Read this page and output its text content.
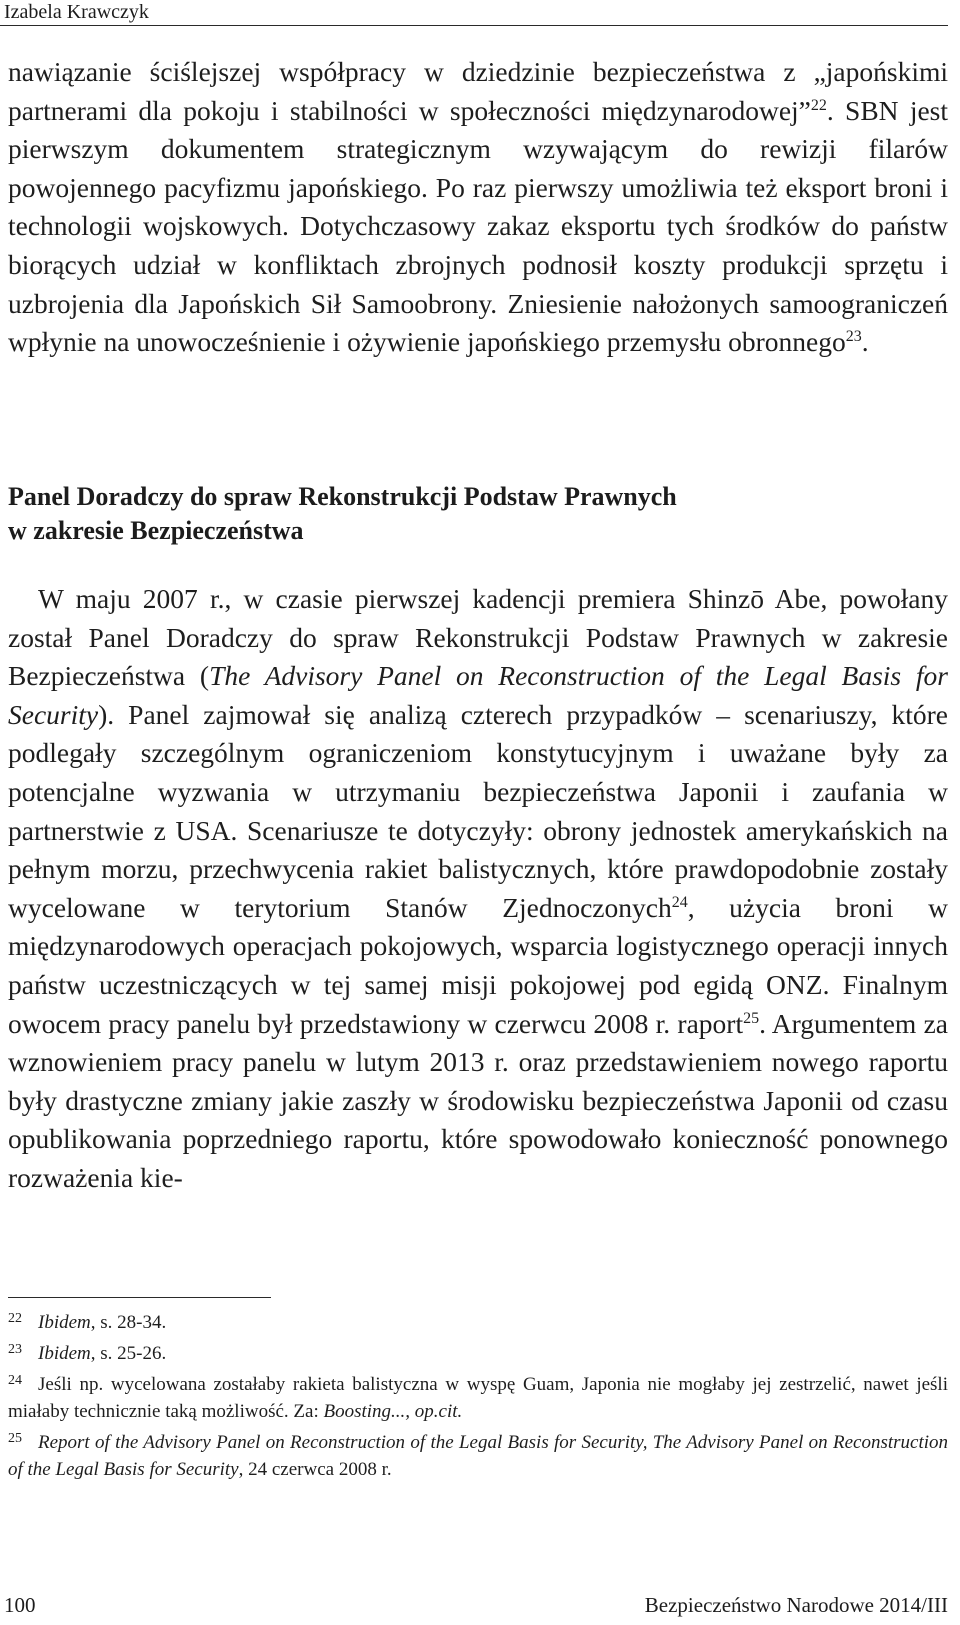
Izabela Krawczyk

nawiązanie ściślejszej współpracy w dziedzinie bezpieczeństwa z „japońskimi partnerami dla pokoju i stabilności w społeczności międzynarodowej”$^{22}$. SBN jest pierwszym dokumentem strategicznym wzywającym do rewizji filarów powojennego pacyfizmu japońskiego. Po raz pierwszy umożliwia też eksport broni i technologii wojskowych. Dotychczasowy zakaz eksportu tych środków do państw biorących udział w konfliktach zbrojnych podnosił koszty produkcji sprzętu i uzbrojenia dla Japońskich Sił Samoobrony. Zniesienie nałożonych samoograniczeń wpłynie na unowocześnienie i ożywienie japońskiego przemysłu obronnego$^{23}$.

Panel Doradczy do spraw Rekonstrukcji Podstaw Prawnych
w zakresie Bezpieczeństwa

W maju 2007 r., w czasie pierwszej kadencji premiera Shinzō Abe, powołany został Panel Doradczy do spraw Rekonstrukcji Podstaw Prawnych w zakresie Bezpieczeństwa (The Advisory Panel on Reconstruction of the Legal Basis for Security). Panel zajmował się analizą czterech przypadków – scenariuszy, które podlegały szczególnym ograniczeniom konstytucyjnym i uważane były za potencjalne wyzwania w utrzymaniu bezpieczeństwa Japonii i zaufania w partnerstwie z USA. Scenariusze te dotyczyły: obrony jednostek amerykańskich na pełnym morzu, przechwycenia rakiet balistycznych, które prawdopodobnie zostały wycelowane w terytorium Stanów Zjednoczonych$^{24}$, użycia broni w międzynarodowych operacjach pokojowych, wsparcia logistycznego operacji innych państw uczestniczących w tej samej misji pokojowej pod egidą ONZ. Finalnym owocem pracy panelu był przedstawiony w czerwcu 2008 r. raport$^{25}$. Argumentem za wznowieniem pracy panelu w lutym 2013 r. oraz przedstawieniem nowego raportu były drastyczne zmiany jakie zaszły w środowisku bezpieczeństwa Japonii od czasu opublikowania poprzedniego raportu, które spowodowało konieczność ponownego rozważenia kie-

22 Ibidem, s. 28-34.

23 Ibidem, s. 25-26.

24 Jeśli np. wycelowana zostałaby rakieta balistyczna w wyspę Guam, Japonia nie mogłaby jej zestrzelić, nawet jeśli miałaby technicznie taką możliwość. Za: Boosting..., op.cit.

25 Report of the Advisory Panel on Reconstruction of the Legal Basis for Security, The Advisory Panel on Reconstruction of the Legal Basis for Security, 24 czerwca 2008 r.

100	Bezpieczeństwo Narodowe 2014/III
